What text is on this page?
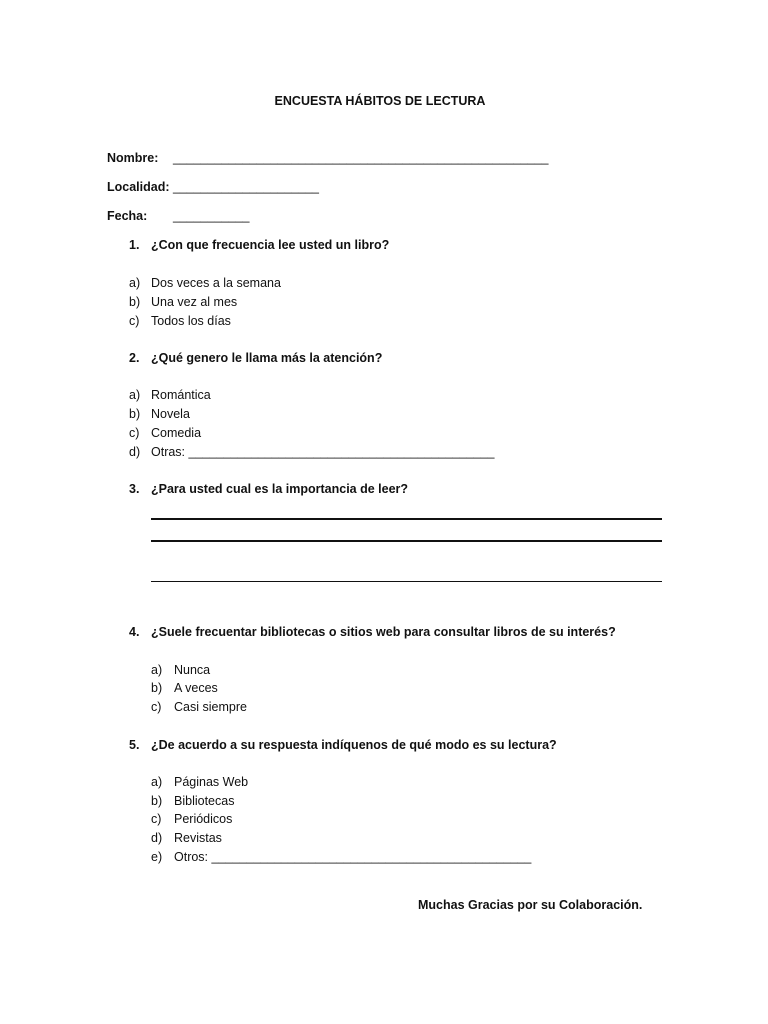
ENCUESTA HÁBITOS DE LECTURA
Nombre: ______________________________________________________
Localidad: _____________________
Fecha: ___________
1. ¿Con que frecuencia lee usted un libro?
a) Dos veces a la semana
b) Una vez al mes
c) Todos los días
2. ¿Qué genero le llama más la atención?
a) Romántica
b) Novela
c) Comedia
d) Otras: ____________________________________________
3. ¿Para usted cual es la importancia de leer?
4. ¿Suele frecuentar bibliotecas o sitios web para consultar libros de su interés?
a) Nunca
b) A veces
c) Casi siempre
5. ¿De acuerdo a su respuesta indíquenos de qué modo es su lectura?
a) Páginas Web
b) Bibliotecas
c) Periódicos
d) Revistas
e) Otros: ______________________________________________
Muchas Gracias por su Colaboración.
